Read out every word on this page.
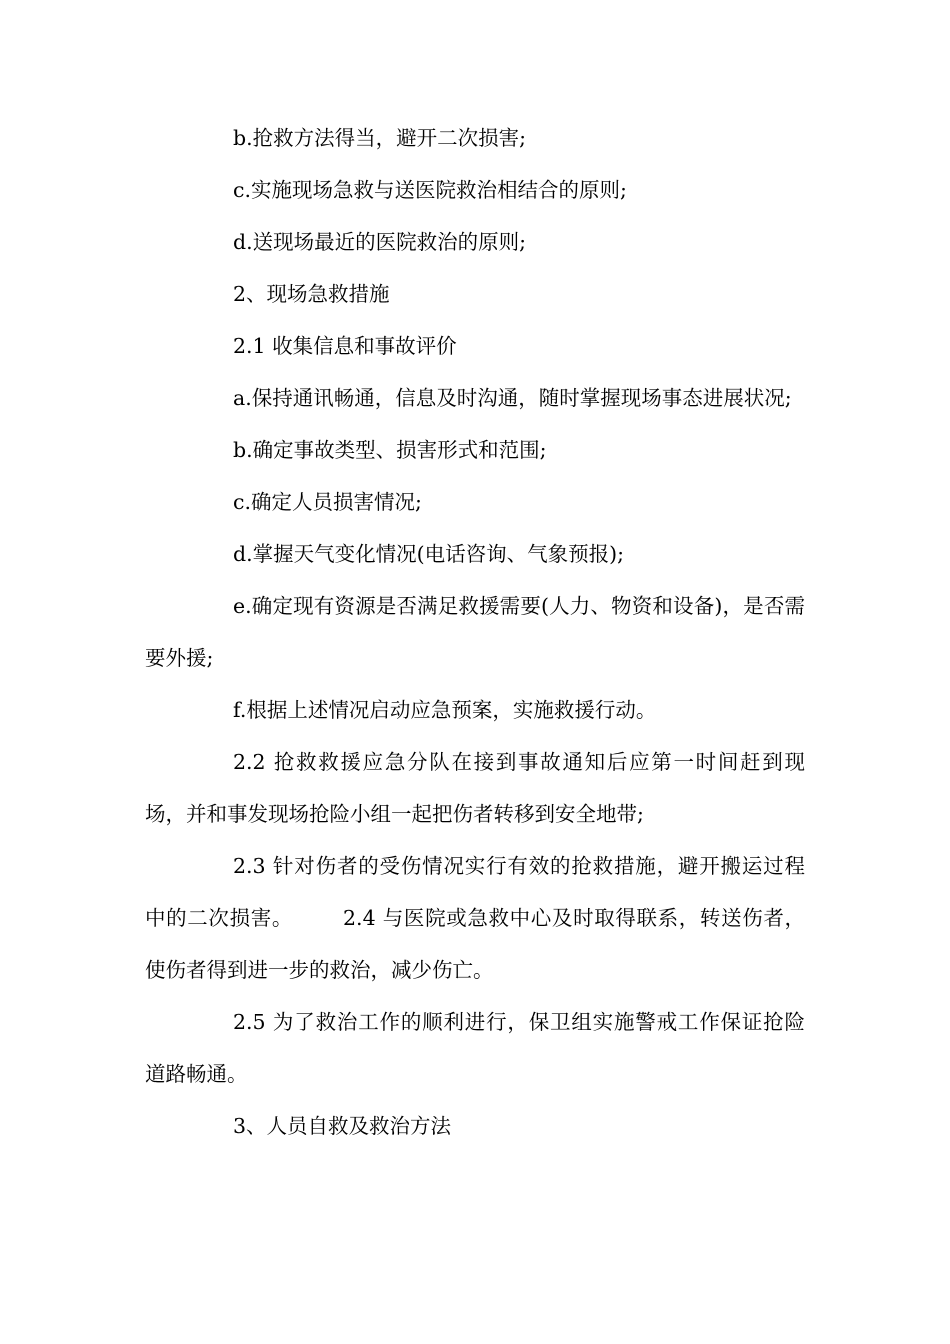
b.抢救方法得当，避开二次损害;

c.实施现场急救与送医院救治相结合的原则;

d.送现场最近的医院救治的原则;

2、现场急救措施

2.1 收集信息和事故评价

a.保持通讯畅通，信息及时沟通，随时掌握现场事态进展状况;

b.确定事故类型、损害形式和范围;

c.确定人员损害情况;

d.掌握天气变化情况(电话咨询、气象预报);

e.确定现有资源是否满足救援需要(人力、物资和设备)，是否需要外援;

f.根据上述情况启动应急预案，实施救援行动。

2.2 抢救救援应急分队在接到事故通知后应第一时间赶到现场，并和事发现场抢险小组一起把伤者转移到安全地带;

2.3 针对伤者的受伤情况实行有效的抢救措施，避开搬运过程中的二次损害。 2.4 与医院或急救中心及时取得联系，转送伤者，使伤者得到进一步的救治，减少伤亡。

2.5 为了救治工作的顺利进行，保卫组实施警戒工作保证抢险道路畅通。

3、人员自救及救治方法
